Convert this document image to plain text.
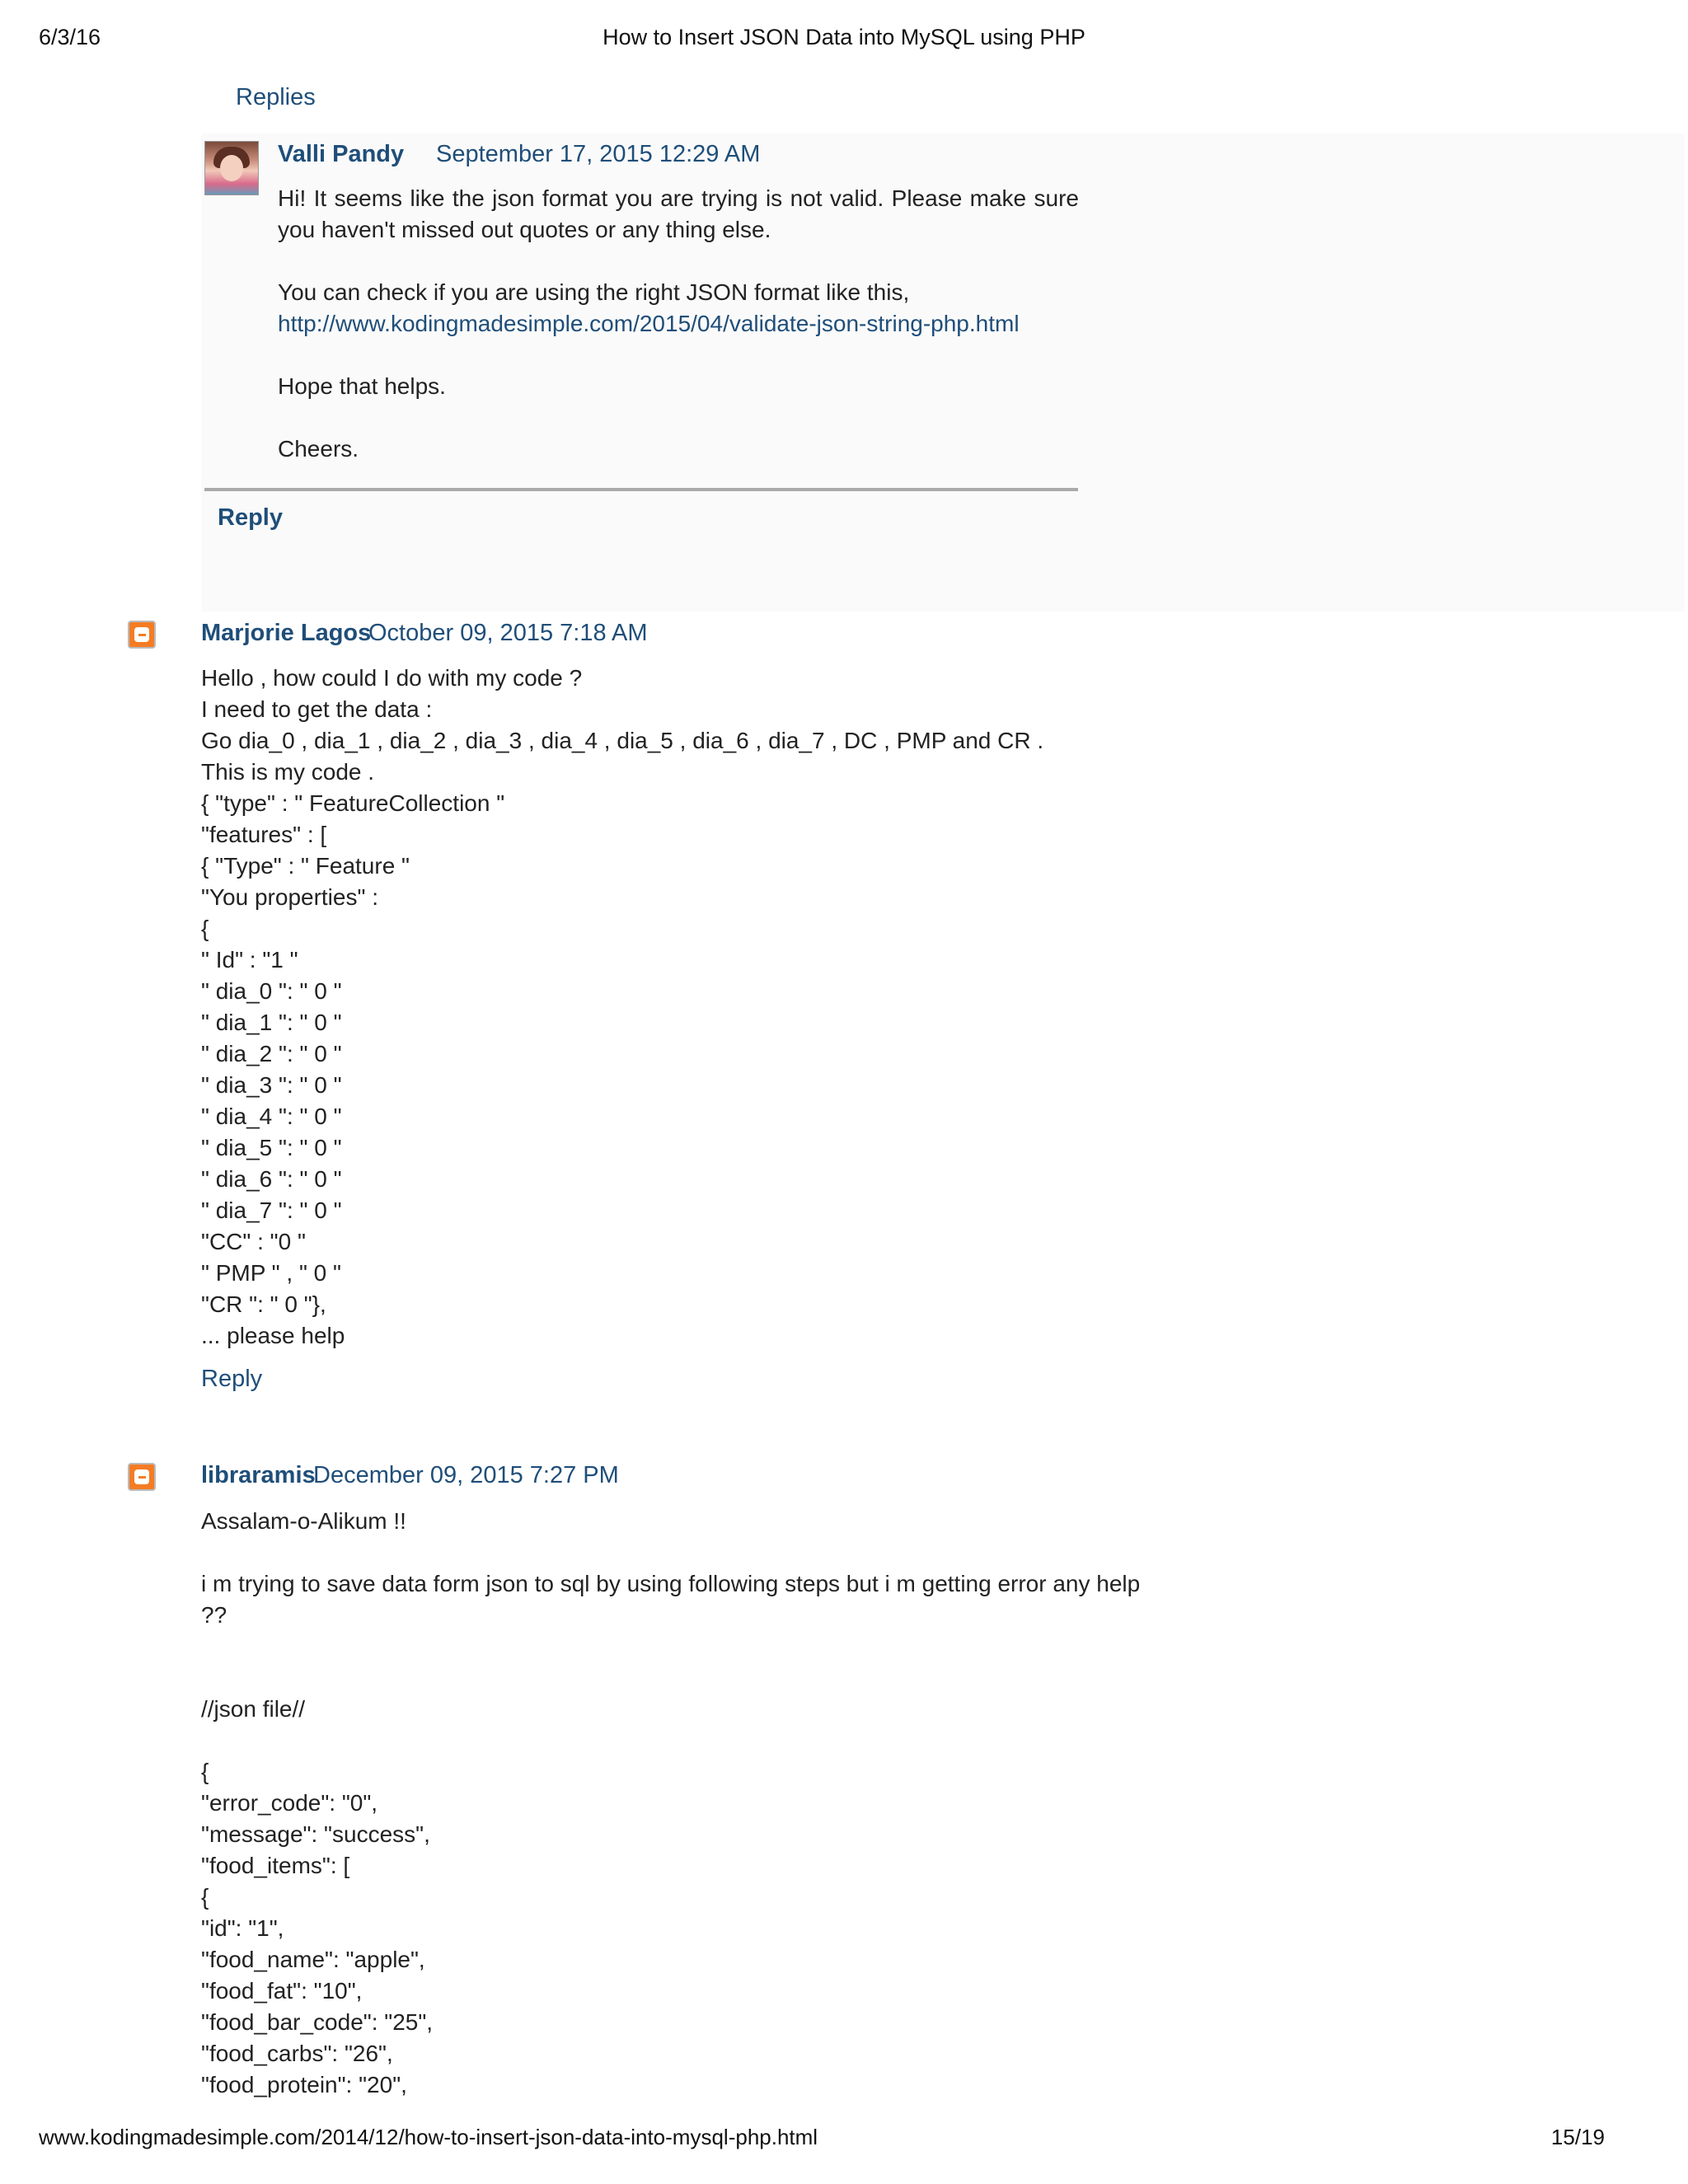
6/3/16	How to Insert JSON Data into MySQL using PHP
Replies
Valli Pandy September 17, 2015 12:29 AM

Hi! It seems like the json format you are trying is not valid. Please make sure you haven't missed out quotes or any thing else.

You can check if you are using the right JSON format like this,
http://www.kodingmadesimple.com/2015/04/validate-json-string-php.html
Hope that helps.
Cheers.
Reply
Marjorie Lagos
October 09, 2015 7:18 AM
Hello , how could I do with my code ?
I need to get the data :
Go dia_0 , dia_1 , dia_2 , dia_3 , dia_4 , dia_5 , dia_6 , dia_7 , DC , PMP and CR .
This is my code .
{ "type" : " FeatureCollection "
"features" : [
{ "Type" : " Feature "
"You properties" :
{
" Id" : "1 "
" dia_0 ": " 0 "
" dia_1 ": " 0 "
" dia_2 ": " 0 "
" dia_3 ": " 0 "
" dia_4 ": " 0 "
" dia_5 ": " 0 "
" dia_6 ": " 0 "
" dia_7 ": " 0 "
"CC" : "0 "
" PMP " , " 0 "
"CR ": " 0 "},
... please help
Reply
libraramis
December 09, 2015 7:27 PM
Assalam-o-Alikum !!

i m trying to save data form json to sql by using following steps but i m getting error any help
??

//json file//

{
"error_code": "0",
"message": "success",
"food_items": [
{
"id": "1",
"food_name": "apple",
"food_fat": "10",
"food_bar_code": "25",
"food_carbs": "26",
"food_protein": "20",
www.kodingmadesimple.com/2014/12/how-to-insert-json-data-into-mysql-php.html	15/19
